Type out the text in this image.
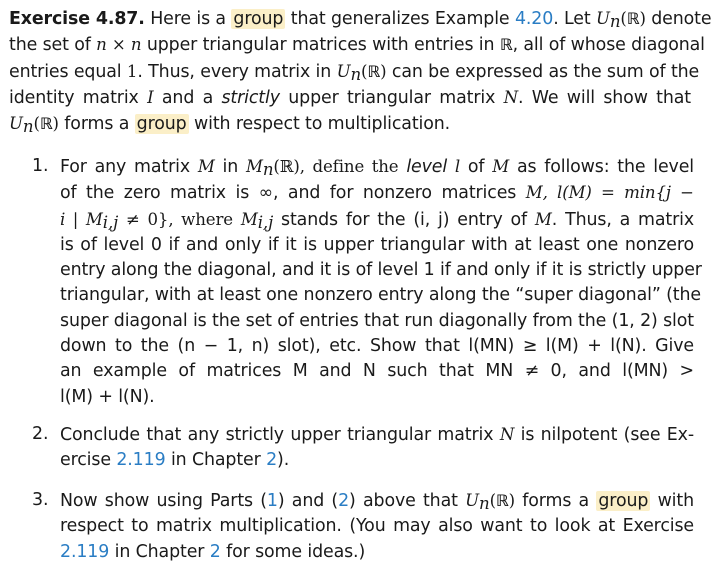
Exercise 4.87. Here is a group that generalizes Example 4.20. Let $U_n(ℝ)$ denote
the set of n × n upper triangular matrices with entries in ℝ, all of whose diagonal
entries equal 1. Thus, every matrix in $U_n(ℝ)$ can be expressed as the sum of the
identity matrix I and a strictly upper triangular matrix N. We will show that
$U_n(ℝ)$ forms a group with respect to multiplication.
1. For any matrix M in $M_n(ℝ)$, define the level l of M as follows: the level
of the zero matrix is ∞, and for nonzero matrices M, l(M) = min{j −
i | $M_{i,j} \ne 0$}, where $M_{i,j}$ stands for the (i, j) entry of M. Thus, a matrix
is of level 0 if and only if it is upper triangular with at least one nonzero
entry along the diagonal, and it is of level 1 if and only if it is strictly upper
triangular, with at least one nonzero entry along the “super diagonal” (the
super diagonal is the set of entries that run diagonally from the (1, 2) slot
down to the (n − 1, n) slot), etc. Show that l(MN) ≥ l(M) + l(N). Give
an example of matrices M and N such that MN ≠ 0, and l(MN) >
l(M) + l(N).
2. Conclude that any strictly upper triangular matrix N is nilpotent (see Ex-
ercise 2.119 in Chapter 2).
3. Now show using Parts (1) and (2) above that $U_n(ℝ)$ forms a group with
respect to matrix multiplication. (You may also want to look at Exercise
2.119 in Chapter 2 for some ideas.)
